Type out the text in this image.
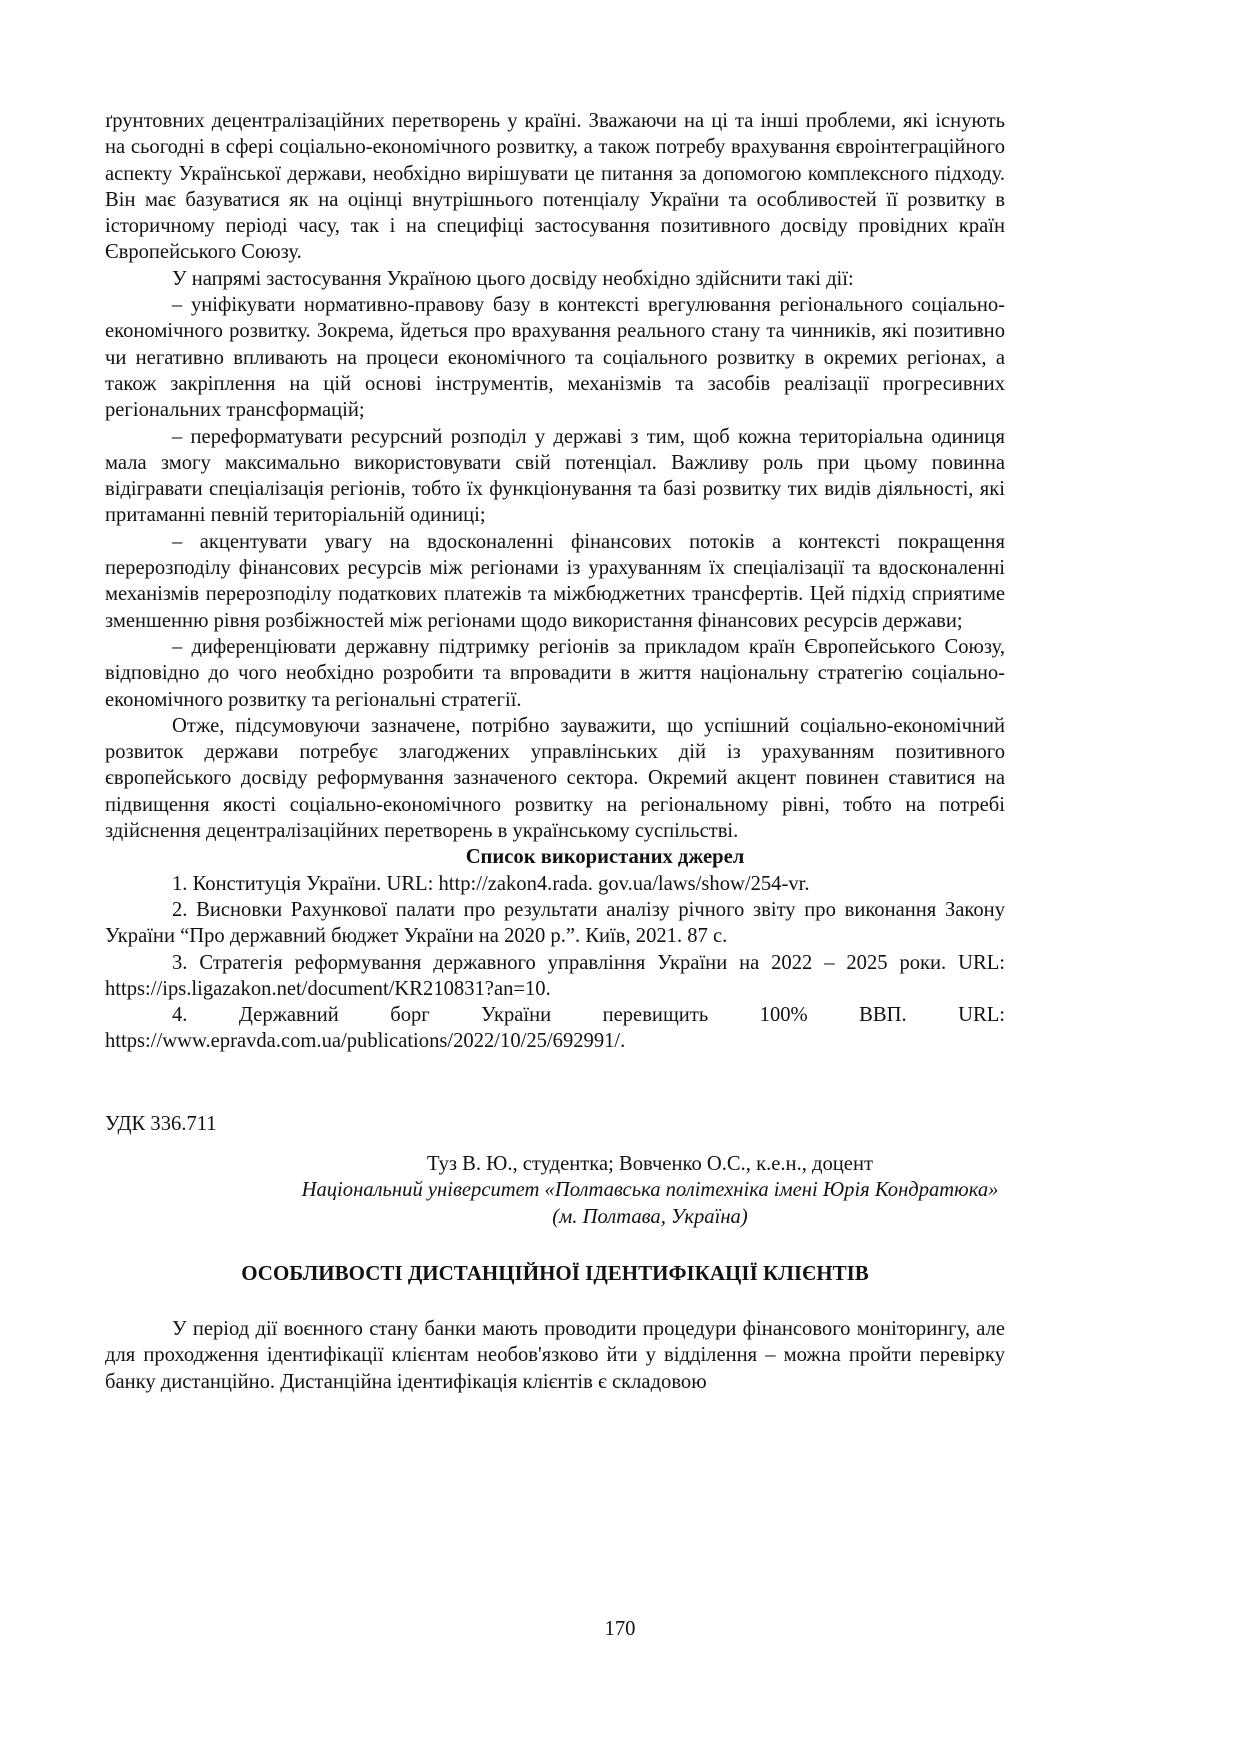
ґрунтовних децентралізаційних перетворень у країні. Зважаючи на ці та інші проблеми, які існують на сьогодні в сфері соціально-економічного розвитку, а також потребу врахування євроінтеграційного аспекту Української держави, необхідно вирішувати це питання за допомогою комплексного підходу. Він має базуватися як на оцінці внутрішнього потенціалу України та особливостей її розвитку в історичному періоді часу, так і на специфіці застосування позитивного досвіду провідних країн Європейського Союзу.

У напрямі застосування Україною цього досвіду необхідно здійснити такі дії:

– уніфікувати нормативно-правову базу в контексті врегулювання регіонального соціально-економічного розвитку. Зокрема, йдеться про врахування реального стану та чинників, які позитивно чи негативно впливають на процеси економічного та соціального розвитку в окремих регіонах, а також закріплення на цій основі інструментів, механізмів та засобів реалізації прогресивних регіональних трансформацій;

– переформатувати ресурсний розподіл у державі з тим, щоб кожна територіальна одиниця мала змогу максимально використовувати свій потенціал. Важливу роль при цьому повинна відігравати спеціалізація регіонів, тобто їх функціонування та базі розвитку тих видів діяльності, які притаманні певній територіальній одиниці;

– акцентувати увагу на вдосконаленні фінансових потоків а контексті покращення перерозподілу фінансових ресурсів між регіонами із урахуванням їх спеціалізації та вдосконаленні механізмів перерозподілу податкових платежів та міжбюджетних трансфертів. Цей підхід сприятиме зменшенню рівня розбіжностей між регіонами щодо використання фінансових ресурсів держави;

– диференціювати державну підтримку регіонів за прикладом країн Європейського Союзу, відповідно до чого необхідно розробити та впровадити в життя національну стратегію соціально-економічного розвитку та регіональні стратегії.

Отже, підсумовуючи зазначене, потрібно зауважити, що успішний соціально-економічний розвиток держави потребує злагоджених управлінських дій із урахуванням позитивного європейського досвіду реформування зазначеного сектора. Окремий акцент повинен ставитися на підвищення якості соціально-економічного розвитку на регіональному рівні, тобто на потребі здійснення децентралізаційних перетворень в українському суспільстві.

Список використаних джерел

1. Конституція України. URL: http://zakon4.rada. gov.ua/laws/show/254-vr.

2. Висновки Рахункової палати про результати аналізу річного звіту про виконання Закону України “Про державний бюджет України на 2020 р.”. Київ, 2021. 87 с.

3. Стратегія реформування державного управління України на 2022 – 2025 роки. URL: https://ips.ligazakon.net/document/KR210831?an=10.

4. Державний борг України перевищить 100% ВВП. URL:

https://www.epravda.com.ua/publications/2022/10/25/692991/.

УДК 336.711

Туз В. Ю., студентка; Вовченко О.С., к.е.н., доцент

Національний університет «Полтавська політехніка імені Юрія Кондратюка»

(м. Полтава, Україна)

ОСОБЛИВОСТІ ДИСТАНЦІЙНОЇ ІДЕНТИФІКАЦІЇ КЛІЄНТІВ

У період дії воєнного стану банки мають проводити процедури фінансового моніторингу, але для проходження ідентифікації клієнтам необов'язково йти у відділення – можна пройти перевірку банку дистанційно. Дистанційна ідентифікація клієнтів є складовою

170
